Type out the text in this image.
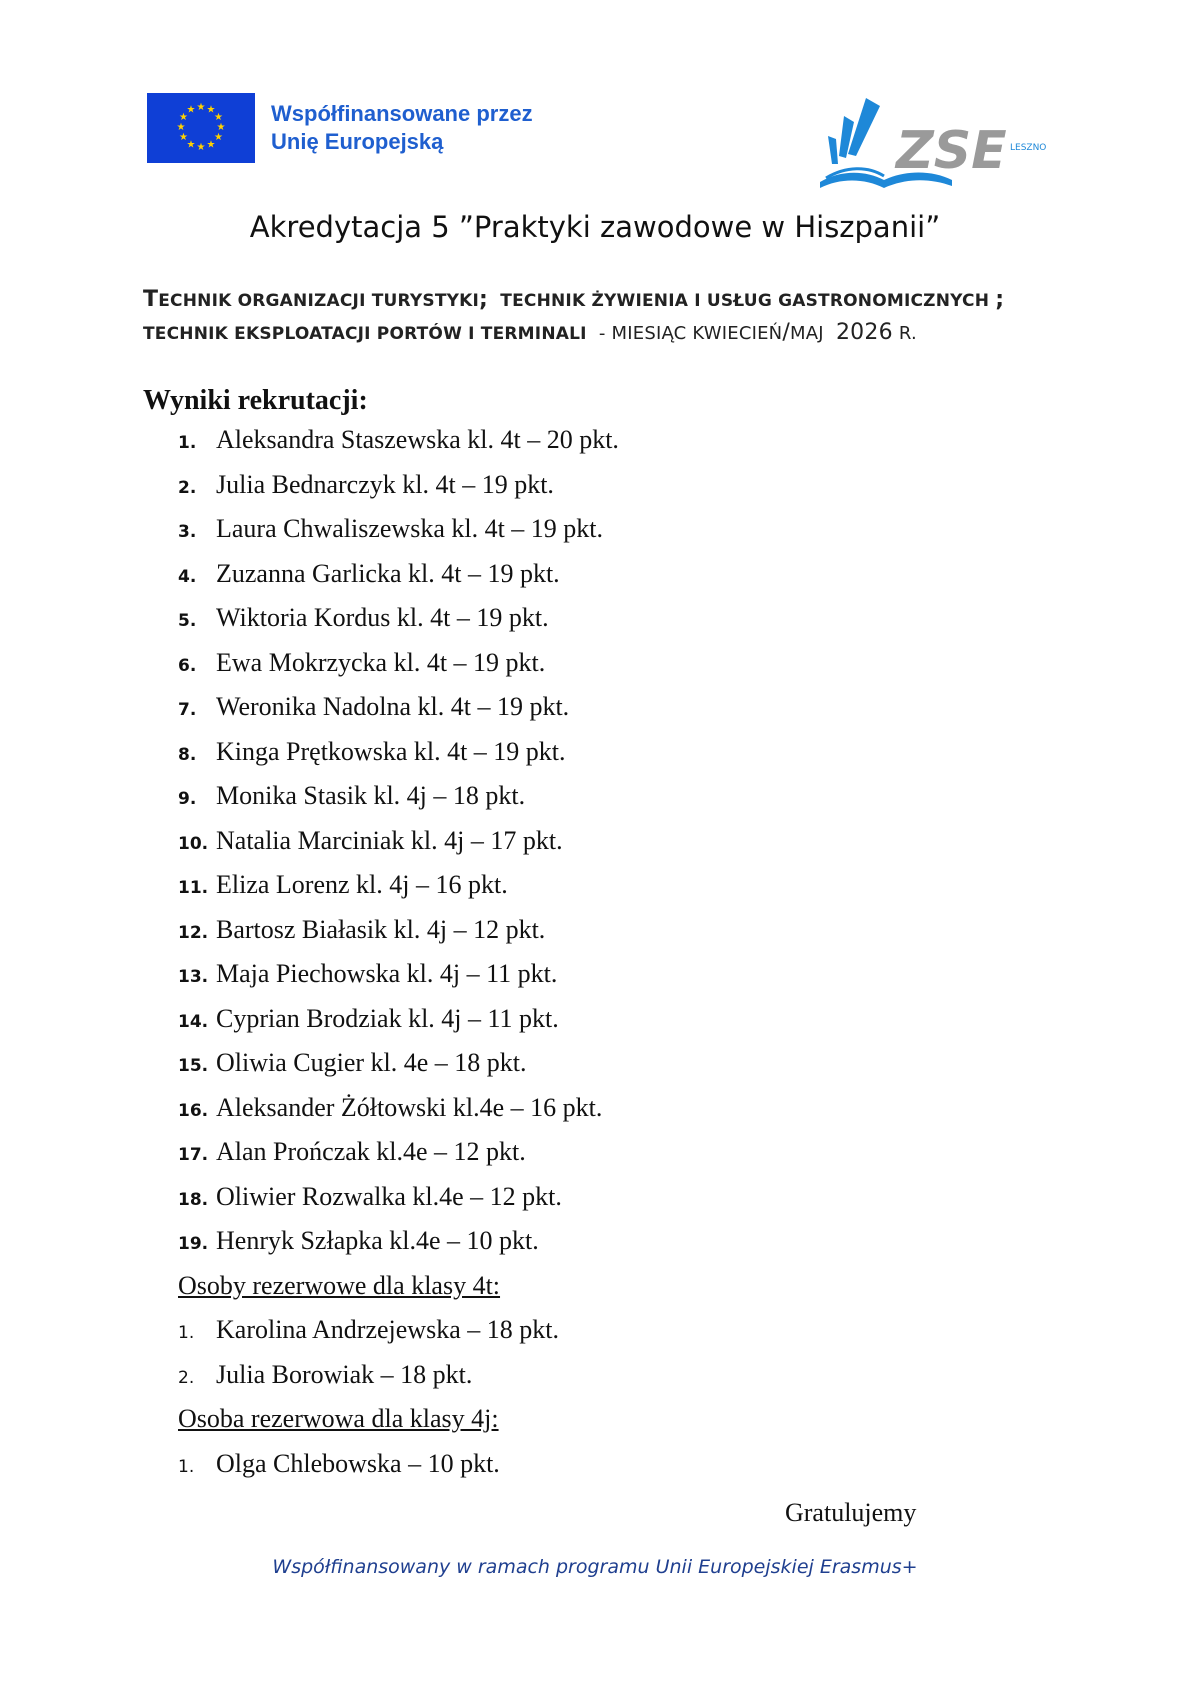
★ ★
★
★
★
★
★
★
★
★
★
★	Współfinansowane przez
Unię Europejską	ZSE LESZNO
Akredytacja 5 ”Praktyki zawodowe w Hiszpanii”
TECHNIK ORGANIZACJI TURYSTYKI; TECHNIK ŻYWIENIA I USŁUG GASTRONOMICZNYCH ;
TECHNIK EKSPLOATACJI PORTÓW I TERMINALI - MIESIĄC KWIECIEŃ/MAJ 2026 R.
Wyniki rekrutacji:
1. Aleksandra Staszewska kl. 4t – 20 pkt.
2. Julia Bednarczyk kl. 4t – 19 pkt.
3. Laura Chwaliszewska kl. 4t – 19 pkt.
4. Zuzanna Garlicka kl. 4t – 19 pkt.
5. Wiktoria Kordus kl. 4t – 19 pkt.
6. Ewa Mokrzycka kl. 4t – 19 pkt.
7. Weronika Nadolna kl. 4t – 19 pkt.
8. Kinga Prętkowska kl. 4t – 19 pkt.
9. Monika Stasik kl. 4j – 18 pkt.
10. Natalia Marciniak kl. 4j – 17 pkt.
11. Eliza Lorenz kl. 4j – 16 pkt.
12. Bartosz Białasik kl. 4j – 12 pkt.
13. Maja Piechowska kl. 4j – 11 pkt.
14. Cyprian Brodziak kl. 4j – 11 pkt.
15. Oliwia Cugier kl. 4e – 18 pkt.
16. Aleksander Żółtowski kl.4e – 16 pkt.
17. Alan Prończak kl.4e – 12 pkt.
18. Oliwier Rozwalka kl.4e – 12 pkt.
19. Henryk Szłapka kl.4e – 10 pkt.
Osoby rezerwowe dla klasy 4t:
1. Karolina Andrzejewska – 18 pkt.
2. Julia Borowiak – 18 pkt.
Osoba rezerwowa dla klasy 4j:
1. Olga Chlebowska – 10 pkt.
Gratulujemy
Współfinansowany w ramach programu Unii Europejskiej Erasmus+
